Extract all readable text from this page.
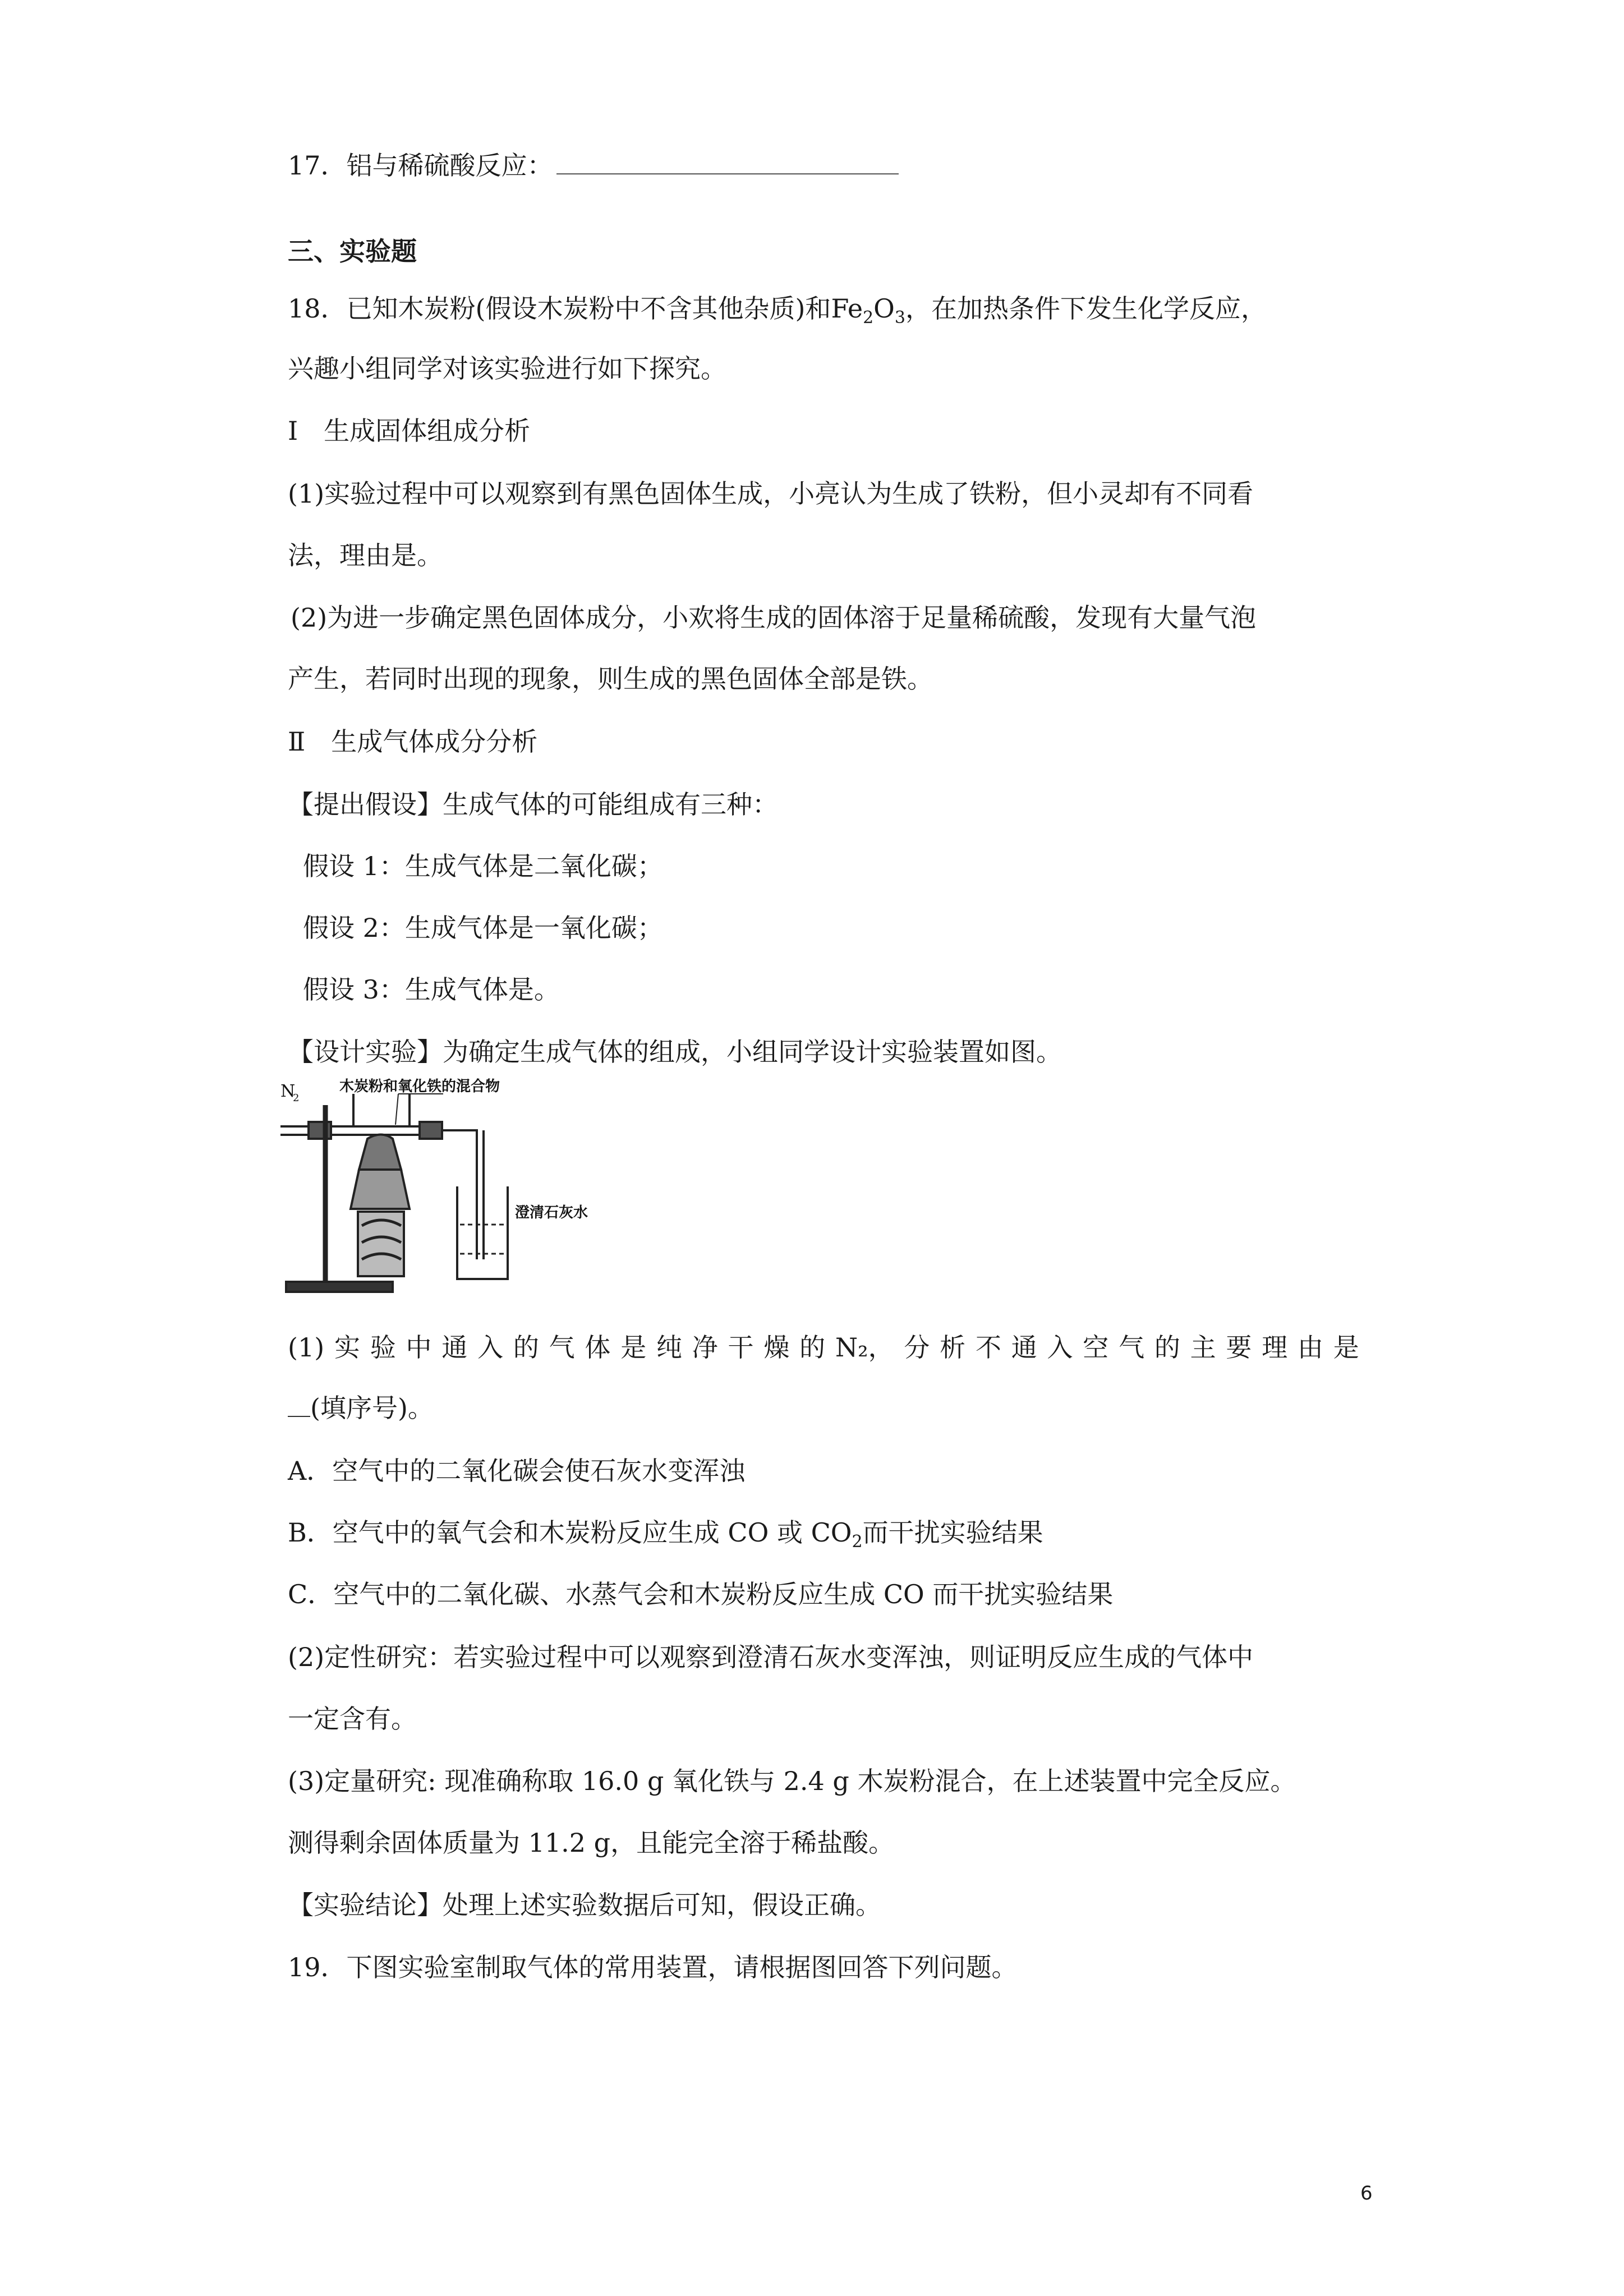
17．铝与稀硫酸反应：
三、实验题
18．已知木炭粉(假设木炭粉中不含其他杂质)和$Fe_2O_3$，在加热条件下发生化学反应，
兴趣小组同学对该实验进行如下探究。
Ⅰ　生成固体组成分析
(1)实验过程中可以观察到有黑色固体生成，小亮认为生成了铁粉，但小灵却有不同看
法，理由是。
(2)为进一步确定黑色固体成分，小欢将生成的固体溶于足量稀硫酸，发现有大量气泡
产生，若同时出现的现象，则生成的黑色固体全部是铁。
Ⅱ　生成气体成分分析
【提出假设】生成气体的可能组成有三种：
假设 1：生成气体是二氧化碳；
假设 2：生成气体是一氧化碳；
假设 3：生成气体是。
【设计实验】为确定生成气体的组成，小组同学设计实验装置如图。
N
2
木炭粉和氧化铁的混合物
澄清石灰水
(1) 实 验 中 通 入 的 气 体 是 纯 净 干 燥 的 N₂， 分 析 不 通 入 空 气 的 主 要 理 由 是
(填序号)。
A．空气中的二氧化碳会使石灰水变浑浊
B．空气中的氧气会和木炭粉反应生成 CO 或 $CO_2$而干扰实验结果
C．空气中的二氧化碳、水蒸气会和木炭粉反应生成 CO 而干扰实验结果
(2)定性研究：若实验过程中可以观察到澄清石灰水变浑浊，则证明反应生成的气体中
一定含有。
(3)定量研究: 现准确称取 16.0 g 氧化铁与 2.4 g 木炭粉混合，在上述装置中完全反应。
测得剩余固体质量为 11.2 g，且能完全溶于稀盐酸。
【实验结论】处理上述实验数据后可知，假设正确。
19．下图实验室制取气体的常用装置，请根据图回答下列问题。
6
